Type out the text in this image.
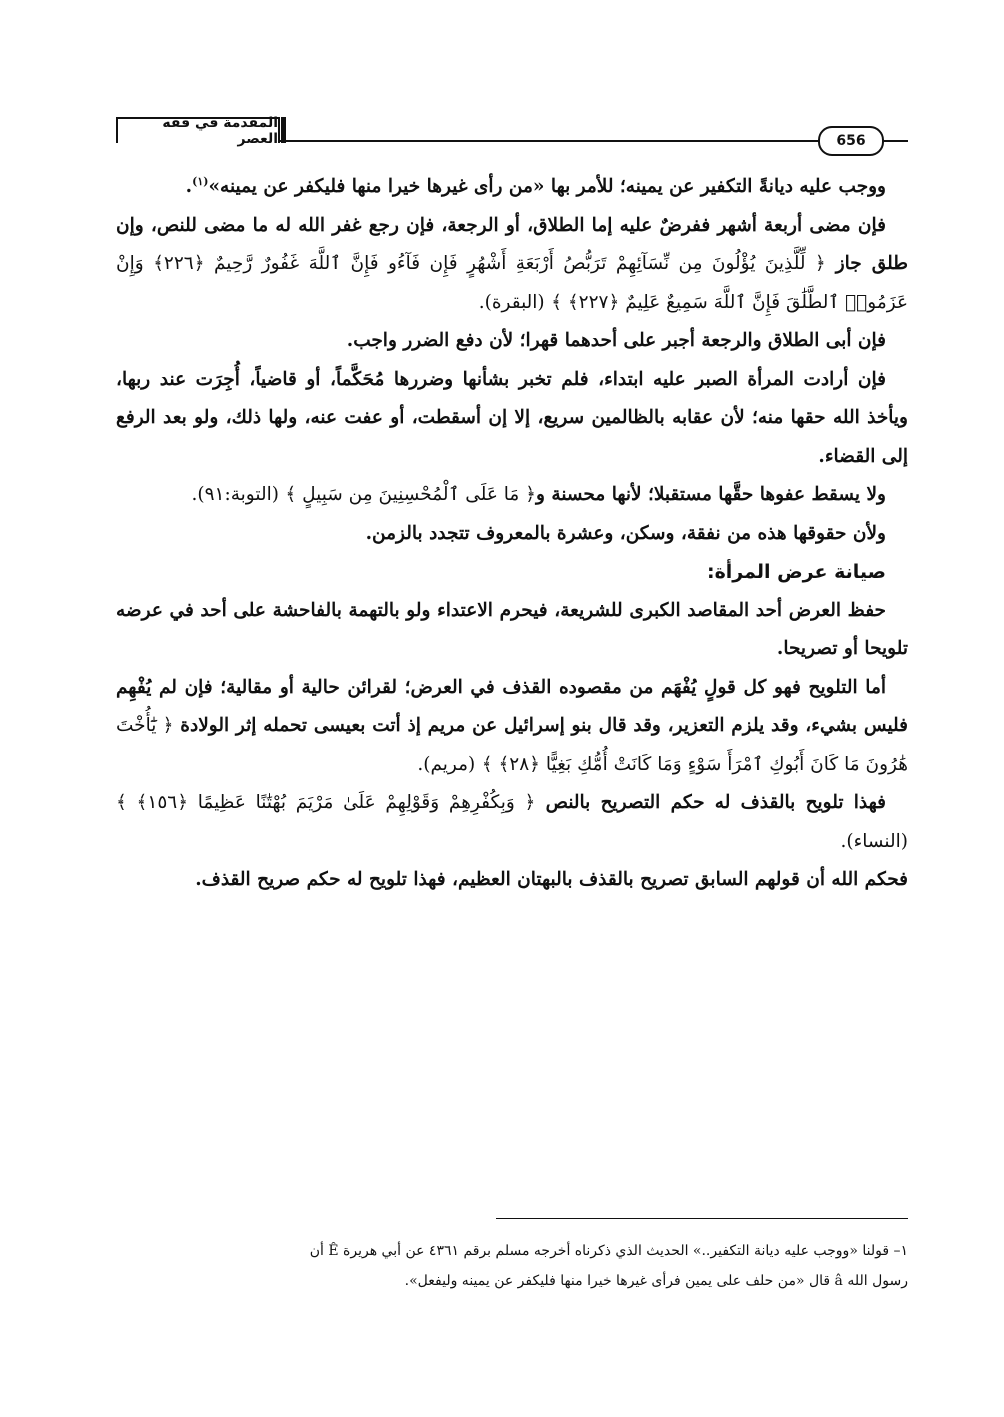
المقدمة في فقه العصر	656

ووجب عليه ديانةً التكفير عن يمينه؛ للأمر بها «من رأى غيرها خيرا منها فليكفر عن يمينه»$^{(١)}$.

فإن مضى أربعة أشهر ففرضٌ عليه إما الطلاق، أو الرجعة، فإن رجع غفر الله له ما مضى للنص، وإن طلق جاز ﴿ لِّلَّذِينَ يُؤْلُونَ مِن نِّسَآئِهِمْ تَرَبُّصُ أَرْبَعَةِ أَشْهُرٍ فَإِن فَآءُو فَإِنَّ ٱللَّهَ غَفُورٌ رَّحِيمٌ ﴿٢٢٦﴾ وَإِنْ عَزَمُوا۟ ٱلطَّلَٰقَ فَإِنَّ ٱللَّهَ سَمِيعٌ عَلِيمٌ ﴿٢٢٧﴾ ﴾ (البقرة).

فإن أبى الطلاق والرجعة أجبر على أحدهما قهرا؛ لأن دفع الضرر واجب.

فإن أرادت المرأة الصبر عليه ابتداء، فلم تخبر بشأنها وضررها مُحَكَّماً، أو قاضياً، أُجِرَت عند ربها، ويأخذ الله حقها منه؛ لأن عقابه بالظالمين سريع، إلا إن أسقطت، أو عفت عنه، ولها ذلك، ولو بعد الرفع إلى القضاء.

ولا يسقط عفوها حقَّها مستقبلا؛ لأنها محسنة و﴿ مَا عَلَى ٱلْمُحْسِنِينَ مِن سَبِيلٍ ﴾ (التوبة:٩١).

ولأن حقوقها هذه من نفقة، وسكن، وعشرة بالمعروف تتجدد بالزمن.

صيانة عرض المرأة:

حفظ العرض أحد المقاصد الكبرى للشريعة، فيحرم الاعتداء ولو بالتهمة بالفاحشة على أحد في عرضه تلويحا أو تصريحا.

أما التلويح فهو كل قولٍ يُفْهَم من مقصوده القذف في العرض؛ لقرائن حالية أو مقالية؛ فإن لم يُفْهِم فليس بشيء، وقد يلزم التعزير، وقد قال بنو إسرائيل عن مريم إذ أتت بعيسى تحمله إثر الولادة ﴿ يَٰٓأُخْتَ هَٰرُونَ مَا كَانَ أَبُوكِ ٱمْرَأَ سَوْءٍ وَمَا كَانَتْ أُمُّكِ بَغِيًّا ﴿٢٨﴾ ﴾ (مريم).

فهذا تلويح بالقذف له حكم التصريح بالنص ﴿ وَبِكُفْرِهِمْ وَقَوْلِهِمْ عَلَىٰ مَرْيَمَ بُهْتَٰنًا عَظِيمًا ﴿١٥٦﴾ ﴾ (النساء).

فحكم الله أن قولهم السابق تصريح بالقذف بالبهتان العظيم، فهذا تلويح له حكم صريح القذف.

١– قولنا «ووجب عليه ديانة التكفير..» الحديث الذي ذكرناه أخرجه مسلم برقم ٤٣٦١ عن أبي هريرة Ê أن

رسول الله â قال «من حلف على يمين فرأى غيرها خيرا منها فليكفر عن يمينه وليفعل».
